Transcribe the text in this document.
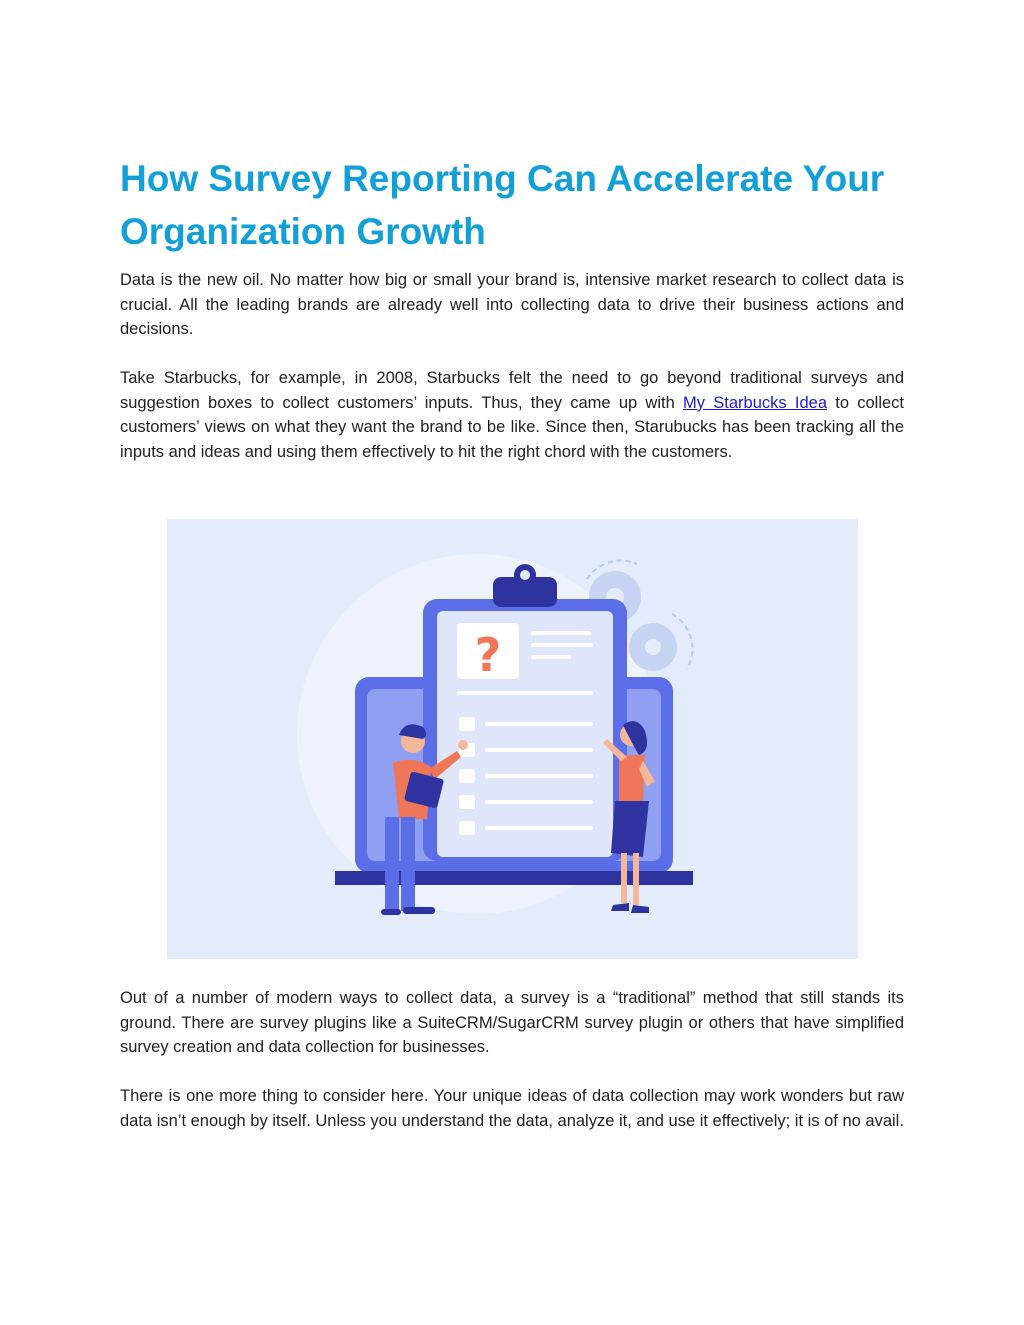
How Survey Reporting Can Accelerate Your Organization Growth

Data is the new oil. No matter how big or small your brand is, intensive market research to collect data is crucial. All the leading brands are already well into collecting data to drive their business actions and decisions.

Take Starbucks, for example, in 2008, Starbucks felt the need to go beyond traditional surveys and suggestion boxes to collect customers’ inputs. Thus, they came up with My Starbucks Idea to collect customers’ views on what they want the brand to be like. Since then, Starubucks has been tracking all the inputs and ideas and using them effectively to hit the right chord with the customers.

?

Out of a number of modern ways to collect data, a survey is a “traditional” method that still stands its ground. There are survey plugins like a SuiteCRM/SugarCRM survey plugin or others that have simplified survey creation and data collection for businesses.

There is one more thing to consider here. Your unique ideas of data collection may work wonders but raw data isn’t enough by itself. Unless you understand the data, analyze it, and use it effectively; it is of no avail.
